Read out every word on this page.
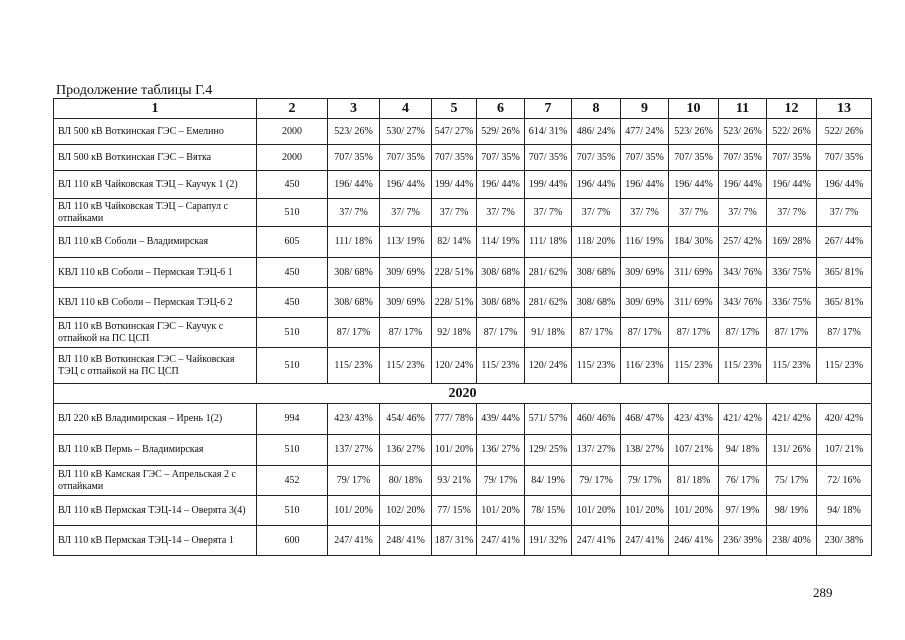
Продолжение таблицы Г.4
1	2	3	4	5	6	7	8	9	10	11	12	13
ВЛ 500 кВ Воткинская ГЭС – Емелино	2000	523/ 26%	530/ 27%	547/ 27%	529/ 26%	614/ 31%	486/ 24%	477/ 24%	523/ 26%	523/ 26%	522/ 26%	522/ 26%
ВЛ 500 кВ Воткинская ГЭС – Вятка	2000	707/ 35%	707/ 35%	707/ 35%	707/ 35%	707/ 35%	707/ 35%	707/ 35%	707/ 35%	707/ 35%	707/ 35%	707/ 35%
ВЛ 110 кВ Чайковская ТЭЦ – Каучук 1 (2)	450	196/ 44%	196/ 44%	199/ 44%	196/ 44%	199/ 44%	196/ 44%	196/ 44%	196/ 44%	196/ 44%	196/ 44%	196/ 44%
ВЛ 110 кВ Чайковская ТЭЦ – Сарапул с отпайками	510	37/ 7%	37/ 7%	37/ 7%	37/ 7%	37/ 7%	37/ 7%	37/ 7%	37/ 7%	37/ 7%	37/ 7%	37/ 7%
ВЛ 110 кВ Соболи – Владимирская	605	111/ 18%	113/ 19%	82/ 14%	114/ 19%	111/ 18%	118/ 20%	116/ 19%	184/ 30%	257/ 42%	169/ 28%	267/ 44%
КВЛ 110 кВ Соболи – Пермская ТЭЦ-6 1	450	308/ 68%	309/ 69%	228/ 51%	308/ 68%	281/ 62%	308/ 68%	309/ 69%	311/ 69%	343/ 76%	336/ 75%	365/ 81%
КВЛ 110 кВ Соболи – Пермская ТЭЦ-6 2	450	308/ 68%	309/ 69%	228/ 51%	308/ 68%	281/ 62%	308/ 68%	309/ 69%	311/ 69%	343/ 76%	336/ 75%	365/ 81%
ВЛ 110 кВ Воткинская ГЭС – Каучук с отпайкой на ПС ЦСП	510	87/ 17%	87/ 17%	92/ 18%	87/ 17%	91/ 18%	87/ 17%	87/ 17%	87/ 17%	87/ 17%	87/ 17%	87/ 17%
ВЛ 110 кВ Воткинская ГЭС – Чайковская ТЭЦ с отпайкой на ПС ЦСП	510	115/ 23%	115/ 23%	120/ 24%	115/ 23%	120/ 24%	115/ 23%	116/ 23%	115/ 23%	115/ 23%	115/ 23%	115/ 23%
2020												
ВЛ 220 кВ Владимирская – Ирень 1(2)	994	423/ 43%	454/ 46%	777/ 78%	439/ 44%	571/ 57%	460/ 46%	468/ 47%	423/ 43%	421/ 42%	421/ 42%	420/ 42%
ВЛ 110 кВ Пермь – Владимирская	510	137/ 27%	136/ 27%	101/ 20%	136/ 27%	129/ 25%	137/ 27%	138/ 27%	107/ 21%	94/ 18%	131/ 26%	107/ 21%
ВЛ 110 кВ Камская ГЭС – Апрельская 2 с отпайками	452	79/ 17%	80/ 18%	93/ 21%	79/ 17%	84/ 19%	79/ 17%	79/ 17%	81/ 18%	76/ 17%	75/ 17%	72/ 16%
ВЛ 110 кВ Пермская ТЭЦ-14 – Оверята 3(4)	510	101/ 20%	102/ 20%	77/ 15%	101/ 20%	78/ 15%	101/ 20%	101/ 20%	101/ 20%	97/ 19%	98/ 19%	94/ 18%
ВЛ 110 кВ Пермская ТЭЦ-14 – Оверята 1	600	247/ 41%	248/ 41%	187/ 31%	247/ 41%	191/ 32%	247/ 41%	247/ 41%	246/ 41%	236/ 39%	238/ 40%	230/ 38%
289
